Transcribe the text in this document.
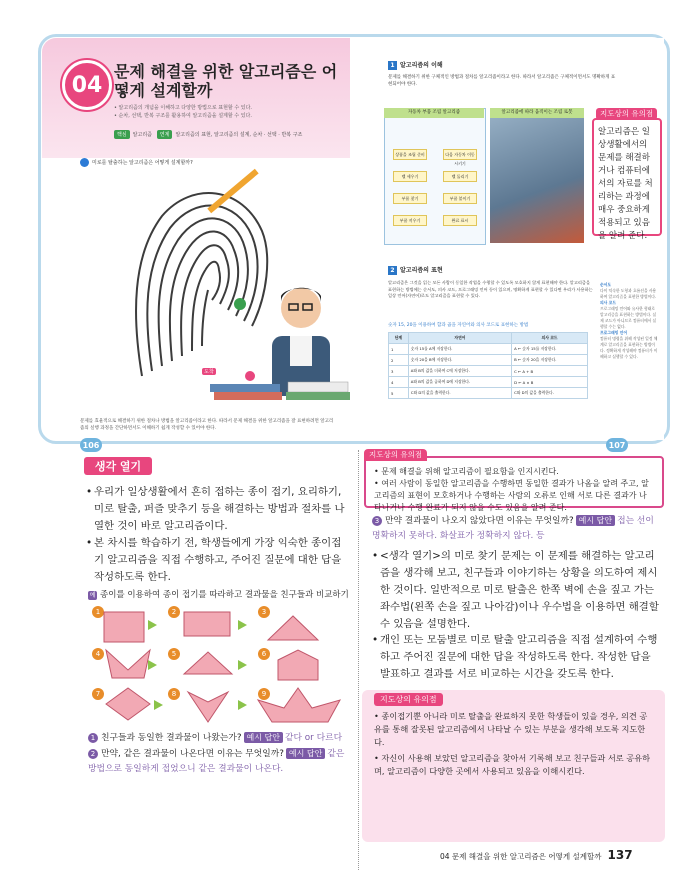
04
문제 해결을 위한 알고리즘은 어떻게 설계할까
• 알고리즘의 개념을 이해하고 다양한 방법으로 표현할 수 있다.
• 순차, 선택, 반복 구조를 활용하여 알고리즘을 설계할 수 있다.
핵심 알고리즘 연계 알고리즘의 표현, 알고리즘의 설계, 순차 · 선택 · 반복 구조
미로를 탈출하는 알고리즘은 어떻게 설계할까?
출발
도착
문제를 효율적으로 해결하기 위한 절차나 방법을 알고리즘이라고 한다. 따라서 문제 해결을 위한 알고리즘을 잘 표현하려면 알고리즘의 실행 과정을 간단하면서도 이해하기 쉽게 작성할 수 있어야 한다.
106
1 알고리즘의 이해
문제를 해결하기 위한 구체적인 방법과 절차를 알고리즘이라고 한다. 따라서 알고리즘은 구체적이면서도 명확하게 표현되어야 한다.
상품을 조립 준비	다음 자동차 이동시키기
벨 세우기	벨 돌리기
부품 찾기	부품 붙이기
부품 끼우기	완료 표시
자동차 부품 조립 알고리즘	알고리즘에 따라 움직이는 조립 로봇
알고리즘은 일상생활에서의 문제를 해결하거나 컴퓨터에서의 자료를 처리하는 과정에 매우 중요하게 적용되고 있음을 알려 준다.
지도상의 유의점
2 알고리즘의 표현
알고리즘은 그것을 읽는 모든 사람이 동일한 작업을 수행할 수 있도록 모호하지 않게 표현해야 한다. 알고리즘을 표현하는 방법에는 순서도, 의사 코드, 프로그래밍 언어 등이 있으며, 명확하게 표현할 수 있다면 우리가 사용하는 일상 언어(자연어)로도 알고리즘을 표현할 수 있다.
숫자 15, 20을 이용하여 합과 곱을 자연어와 의사 코드로 표현하는 방법
단계	자연어	의사 코드
1	숫자 15를 A에 저장한다.	A ← 숫자 15를 저장한다.
2	숫자 20을 B에 저장한다.	B ← 숫자 20을 저장한다.
3	A와 B의 값을 더하여 C에 저장한다.	C ← A + B
4	A와 B의 값을 곱하여 D에 저장한다.	D ← A × B
5	C와 D의 값을 출력한다.	C와 D의 값을 출력한다.
순서도
다이 익숙한 도형과 흐름선을 사용하여 알고리즘을 표현한 방법이다.
의사 코드
프로그래밍 언어와 유사한 형태로 알고리즘을 표현하는 방법이다. 실제 코드가 아니므로 컴퓨터에서 실행할 수는 없다.
프로그래밍 언어
컴퓨터 명령을 위해 작성된 일정 체계로 알고리즘을 표현하는 방법이다. 정확하게 작성해야 컴퓨터가 이해하고 실행할 수 있다.
107
생각 열기
• 우리가 일상생활에서 흔히 접하는 종이 접기, 요리하기, 미로 탈출, 퍼즐 맞추기 등을 해결하는 방법과 절차를 나열한 것이 바로 알고리즘이다.
• 본 차시를 학습하기 전, 학생들에게 가장 익숙한 종이접기 알고리즘을 직접 수행하고, 주어진 질문에 대한 답을 작성하도록 한다.
예 종이를 이용하여 종이 접기를 따라하고 결과물을 친구들과 비교하기
1	2	3
4	5	6
7	8	9
1 친구들과 동일한 결과물이 나왔는가? 예시 답안 같다 or 다르다
2 만약, 같은 결과물이 나온다면 이유는 무엇일까? 예시 답안 같은 방법으로 동일하게 접었으니 같은 결과물이 나온다.

• 문제 해결을 위해 알고리즘이 필요함을 인지시킨다.

• 여러 사람이 동일한 알고리즘을 수행하면 동일한 결과가 나옴을 알려 주고, 알고리즘의 표현이 모호하거나 수행하는 사람의 오류로 인해 서로 다른 결과가 나타나거나 수행 완료가 되지 않을 수도 있음을 알려 준다.

지도상의 유의점
3 만약 결과물이 나오지 않았다면 이유는 무엇일까? 예시 답안 접는 선이 명확하지 못하다. 화살표가 정확하지 않다. 등
• <생각 열기>의 미로 찾기 문제는 이 문제를 해결하는 알고리즘을 생각해 보고, 친구들과 이야기하는 상황을 의도하여 제시한 것이다. 일반적으로 미로 탈출은 한쪽 벽에 손을 짚고 가는 좌수법(왼쪽 손을 짚고 나아감)이나 우수법을 이용하면 해결할 수 있음을 설명한다.
• 개인 또는 모둠별로 미로 탈출 알고리즘을 직접 설계하여 수행하고 주어진 질문에 대한 답을 작성하도록 한다. 작성한 답을 발표하고 결과를 서로 비교하는 시간을 갖도록 한다.

• 종이접기뿐 아니라 미로 탈출을 완료하지 못한 학생들이 있을 경우, 의견 공유를 통해 잘못된 알고리즘에서 나타날 수 있는 부분을 생각해 보도록 지도한다.

• 자신이 사용해 보았던 알고리즘을 찾아서 기록해 보고 친구들과 서로 공유하며, 알고리즘이 다양한 곳에서 사용되고 있음을 이해시킨다.

지도상의 유의점
04 문제 해결을 위한 알고리즘은 어떻게 설계할까 137
